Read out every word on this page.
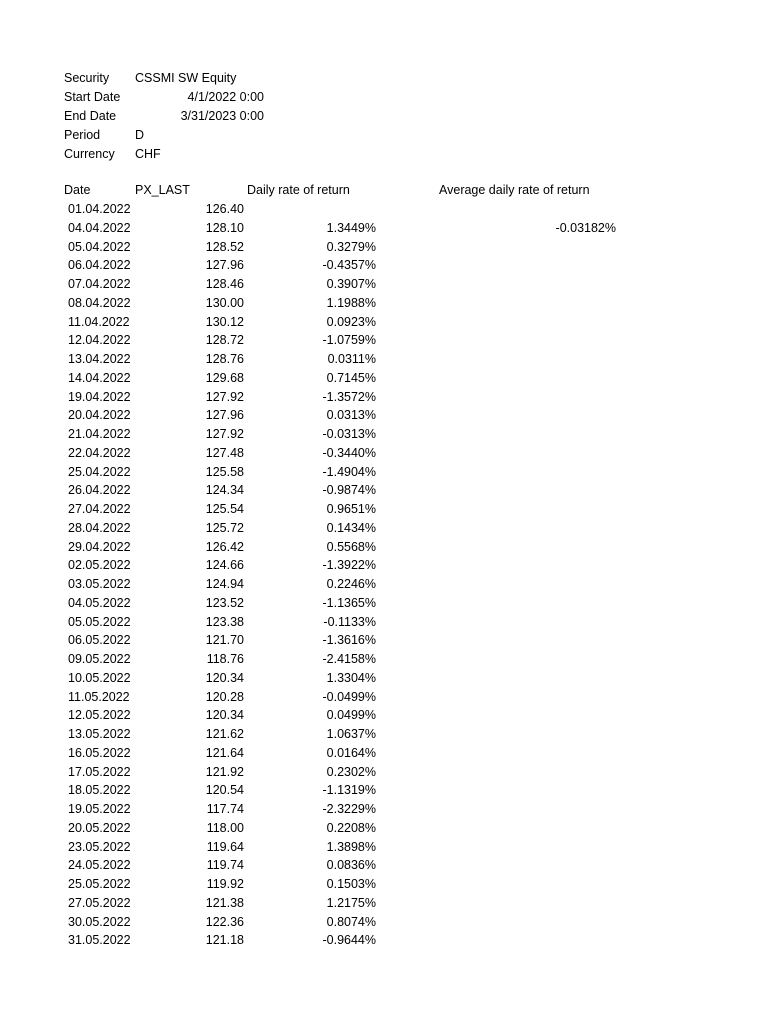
Security CSSMI SW Equity
Start Date	4/1/2022 0:00
End Date	3/31/2023 0:00
Period	D
Currency CHF
Date	PX_LAST	Daily rate of return	Average daily rate of return
01.04.2022	126.40
04.04.2022	128.10	1.3449%	-0.03182%
05.04.2022	128.52	0.3279%
06.04.2022	127.96	-0.4357%
07.04.2022	128.46	0.3907%
08.04.2022	130.00	1.1988%
11.04.2022	130.12	0.0923%
12.04.2022	128.72	-1.0759%
13.04.2022	128.76	0.0311%
14.04.2022	129.68	0.7145%
19.04.2022	127.92	-1.3572%
20.04.2022	127.96	0.0313%
21.04.2022	127.92	-0.0313%
22.04.2022	127.48	-0.3440%
25.04.2022	125.58	-1.4904%
26.04.2022	124.34	-0.9874%
27.04.2022	125.54	0.9651%
28.04.2022	125.72	0.1434%
29.04.2022	126.42	0.5568%
02.05.2022	124.66	-1.3922%
03.05.2022	124.94	0.2246%
04.05.2022	123.52	-1.1365%
05.05.2022	123.38	-0.1133%
06.05.2022	121.70	-1.3616%
09.05.2022	118.76	-2.4158%
10.05.2022	120.34	1.3304%
11.05.2022	120.28	-0.0499%
12.05.2022	120.34	0.0499%
13.05.2022	121.62	1.0637%
16.05.2022	121.64	0.0164%
17.05.2022	121.92	0.2302%
18.05.2022	120.54	-1.1319%
19.05.2022	117.74	-2.3229%
20.05.2022	118.00	0.2208%
23.05.2022	119.64	1.3898%
24.05.2022	119.74	0.0836%
25.05.2022	119.92	0.1503%
27.05.2022	121.38	1.2175%
30.05.2022	122.36	0.8074%
31.05.2022	121.18	-0.9644%
